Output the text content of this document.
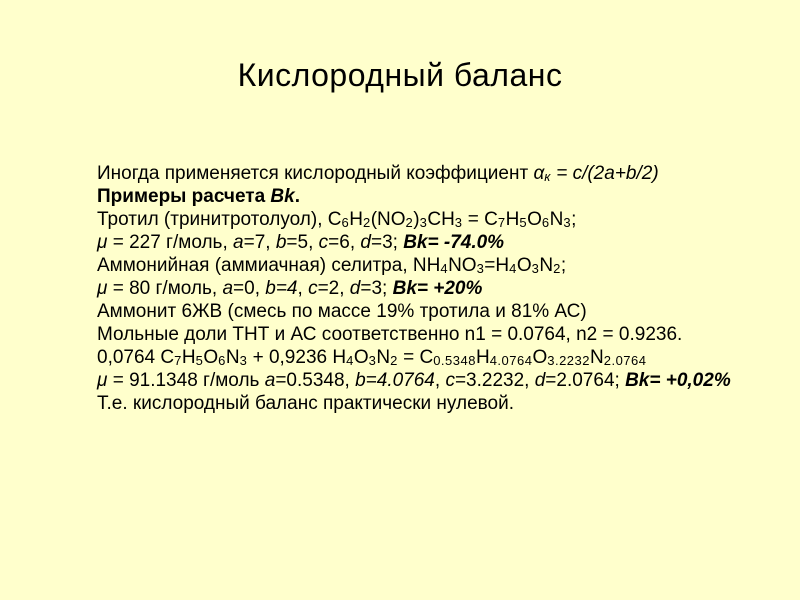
Кислородный баланс

Иногда применяется кислородный коэффициент $\alpha_к = c/(2a+b/2)$

Примеры расчета Bk.

Тротил (тринитротолуол), $C_6H_2(NO_2)_3CH_3 = C_7H_5O_6N_3$;

μ = 227 г/моль, a=7, b=5, c=6, d=3; Bk= -74.0%

Аммонийная (аммиачная) селитра, $NH_4NO_3=H_4O_3N_2$;

μ = 80 г/моль, a=0, b=4, c=2, d=3; Bk= +20%

Аммонит 6ЖВ (смесь по массе 19% тротила и 81% АС)

Мольные доли ТНТ и АС соответственно n1 = 0.0764, n2 = 0.9236.

0,0764 $C_7H_5O_6N_3 + 0,9236$ $H_4O_3N_2 = C_{0.5348}H_{4.0764}O_{3.2232}N_{2.0764}$

μ = 91.1348 г/моль a=0.5348, b=4.0764, c=3.2232, d=2.0764; Bk= +0,02%

Т.е. кислородный баланс практически нулевой.
